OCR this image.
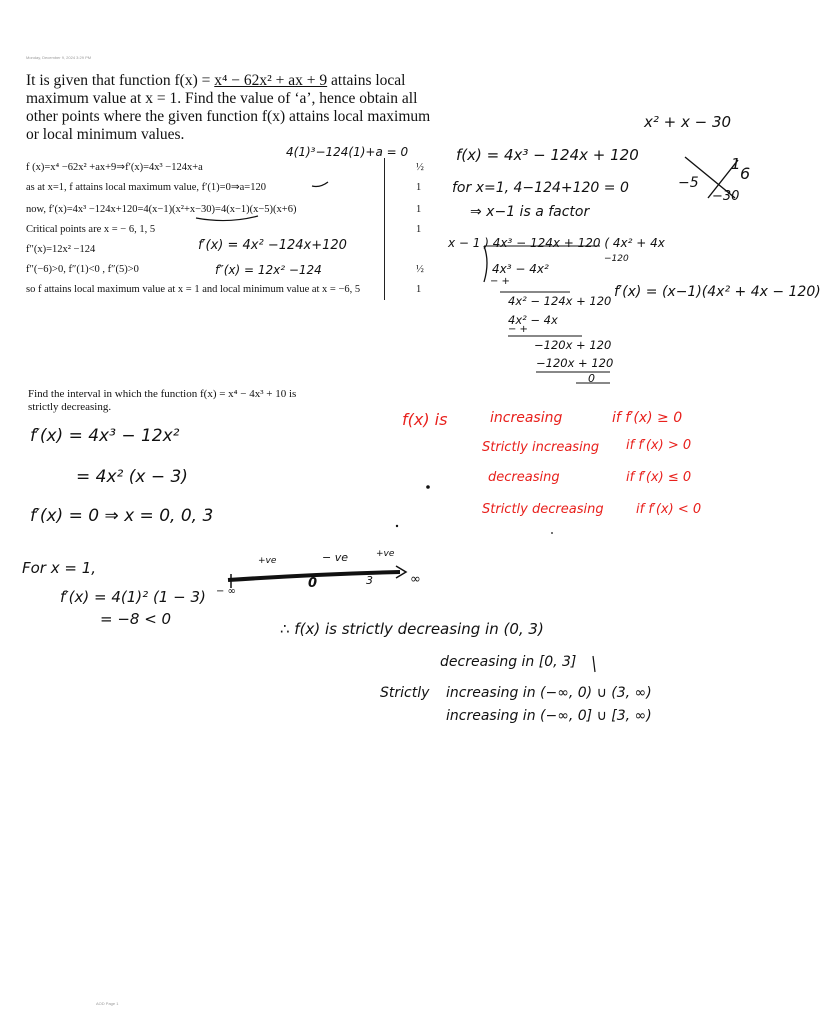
Monday, December 9, 2024 3:29 PM
It is given that function f(x) = x⁴ − 62x² + ax + 9 attains local maximum value at x = 1. Find the value of ‘a’, hence obtain all other points where the given function f(x) attains local maximum or local minimum values.
f (x)=x⁴ −62x² +ax+9⇒f′(x)=4x³ −124x+a	½
as at x=1, f attains local maximum value, f′(1)=0⇒a=120	1
now, f′(x)=4x³ −124x+120=4(x−1)(x²+x−30)=4(x−1)(x−5)(x+6)	1
Critical points are x = − 6, 1, 5	1
f″(x)=12x² −124
f″(−6)>0, f″(1)<0 , f″(5)>0	½
so f attains local maximum value at x = 1 and local minimum value at x = −6, 5	1
4(1)³−124(1)+a = 0
f′(x) = 4x² −124x+120
f″(x) = 12x² −124
x² + x − 30
1 6
−5
−30
f(x) = 4x³ − 124x + 120
for x=1, 4−124+120 = 0
⇒ x−1 is a factor
x − 1 ) 4x³ − 124x + 120 ( 4x² + 4x
−120
4x³ − 4x²
− +
4x² − 124x + 120
4x² − 4x
− +
−120x + 120
−120x + 120
0
f′(x) = (x−1)(4x² + 4x − 120)
Find the interval in which the function f(x) = x⁴ − 4x³ + 10 is strictly decreasing.
f′(x) = 4x³ − 12x²
= 4x² (x − 3)
f′(x) = 0 ⇒ x = 0, 0, 3
For x = 1,
f′(x) = 4(1)² (1 − 3)
= −8 < 0
+ve	− ve	+ve
− ∞
0	3	∞
∴ f(x) is strictly decreasing in (0, 3)
decreasing in [0, 3]
Strictly increasing in (−∞, 0) ∪ (3, ∞)
increasing in (−∞, 0] ∪ [3, ∞)
f(x) is	increasing	if f′(x) ≥ 0
Strictly increasing if f′(x) > 0
decreasing	if f′(x) ≤ 0
Strictly decreasing if f′(x) < 0
AOD Page 1
